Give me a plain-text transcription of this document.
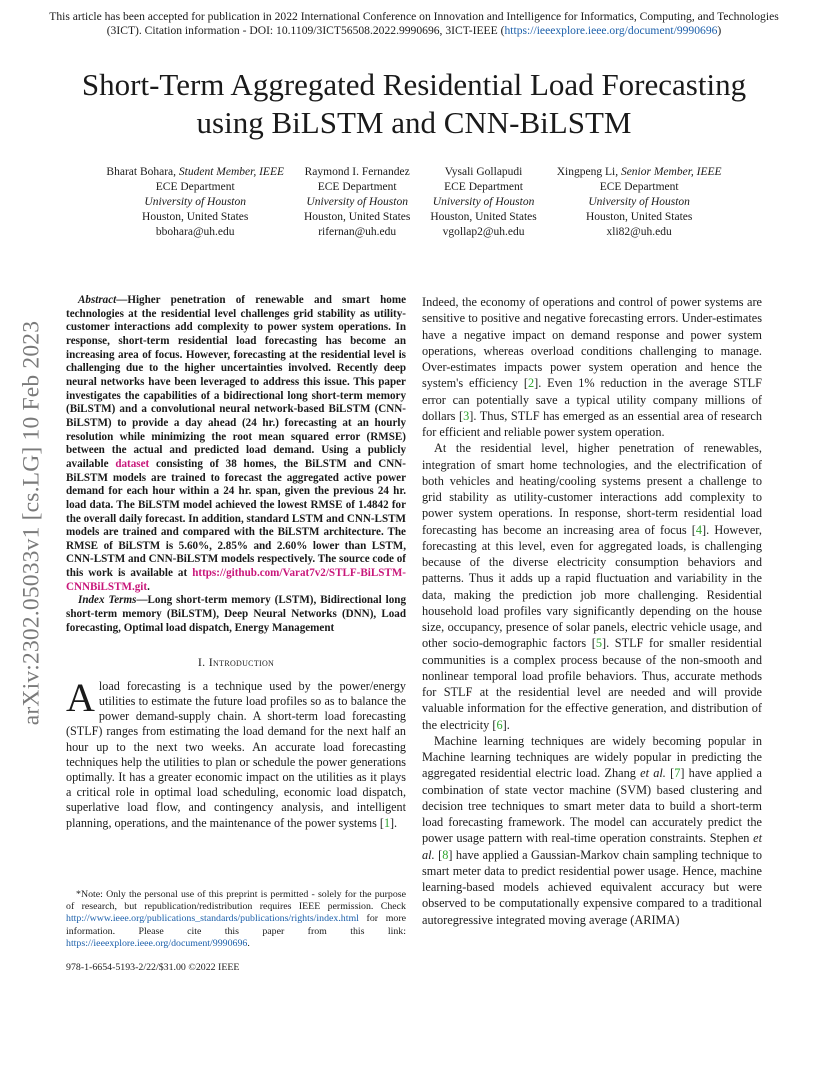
This article has been accepted for publication in 2022 International Conference on Innovation and Intelligence for Informatics, Computing, and Technologies (3ICT). Citation information - DOI: 10.1109/3ICT56508.2022.9990696, 3ICT-IEEE (https://ieeexplore.ieee.org/document/9990696)
arXiv:2302.05033v1 [cs.LG] 10 Feb 2023
Short-Term Aggregated Residential Load Forecasting using BiLSTM and CNN-BiLSTM
Bharat Bohara, Student Member, IEEE
ECE Department
University of Houston
Houston, United States
bbohara@uh.edu
Raymond I. Fernandez
ECE Department
University of Houston
Houston, United States
rifernan@uh.edu
Vysali Gollapudi
ECE Department
University of Houston
Houston, United States
vgollap2@uh.edu
Xingpeng Li, Senior Member, IEEE
ECE Department
University of Houston
Houston, United States
xli82@uh.edu

Abstract—Higher penetration of renewable and smart home technologies at the residential level challenges grid stability as utility-customer interactions add complexity to power system operations. In response, short-term residential load forecasting has become an increasing area of focus. However, forecasting at the residential level is challenging due to the higher uncertainties involved. Recently deep neural networks have been leveraged to address this issue. This paper investigates the capabilities of a bidirectional long short-term memory (BiLSTM) and a convolutional neural network-based BiLSTM (CNN-BiLSTM) to provide a day ahead (24 hr.) forecasting at an hourly resolution while minimizing the root mean squared error (RMSE) between the actual and predicted load demand. Using a publicly available dataset consisting of 38 homes, the BiLSTM and CNN-BiLSTM models are trained to forecast the aggregated active power demand for each hour within a 24 hr. span, given the previous 24 hr. load data. The BiLSTM model achieved the lowest RMSE of 1.4842 for the overall daily forecast. In addition, standard LSTM and CNN-LSTM models are trained and compared with the BiLSTM architecture. The RMSE of BiLSTM is 5.60%, 2.85% and 2.60% lower than LSTM, CNN-LSTM and CNN-BiLSTM models respectively. The source code of this work is available at https://github.com/Varat7v2/STLF-BiLSTM-CNNBiLSTM.git.

Index Terms—Long short-term memory (LSTM), Bidirectional long short-term memory (BiLSTM), Deep Neural Networks (DNN), Load forecasting, Optimal load dispatch, Energy Management

I. Introduction

A load forecasting is a technique used by the power/energy utilities to estimate the future load profiles so as to balance the power demand-supply chain. A short-term load forecasting (STLF) ranges from estimating the load demand for the next half an hour up to the next two weeks. An accurate load forecasting techniques help the utilities to plan or schedule the power generations optimally. It has a greater economic impact on the utilities as it plays a critical role in optimal load scheduling, economic load dispatch, superlative load flow, and contingency analysis, and intelligent planning, operations, and the maintenance of the power systems [1].

*Note: Only the personal use of this preprint is permitted - solely for the purpose of research, but republication/redistribution requires IEEE permission. Check http://www.ieee.org/publications_standards/publications/rights/index.html for more information. Please cite this paper from this link: https://ieeexplore.ieee.org/document/9990696.

978-1-6654-5193-2/22/$31.00 ©2022 IEEE

Indeed, the economy of operations and control of power systems are sensitive to positive and negative forecasting errors. Under-estimates have a negative impact on demand response and power system operations, whereas overload conditions challenging to manage. Over-estimates impacts power system operation and hence the system's efficiency [2]. Even 1% reduction in the average STLF error can potentially save a typical utility company millions of dollars [3]. Thus, STLF has emerged as an essential area of research for efficient and reliable power system operation.

At the residential level, higher penetration of renewables, integration of smart home technologies, and the electrification of both vehicles and heating/cooling systems present a challenge to grid stability as utility-customer interactions add complexity to power system operations. In response, short-term residential load forecasting has become an increasing area of focus [4]. However, forecasting at this level, even for aggregated loads, is challenging because of the diverse electricity consumption behaviors and patterns. Thus it adds up a rapid fluctuation and variability in the data, making the prediction job more challenging. Residential household load profiles vary significantly depending on the house size, occupancy, presence of solar panels, electric vehicle usage, and other socio-demographic factors [5]. STLF for smaller residential communities is a complex process because of the non-smooth and nonlinear temporal load profile behaviors. Thus, accurate methods for STLF at the residential level are needed and will provide valuable information for the effective generation, and distribution of the electricity [6].

Machine learning techniques are widely becoming popular in Machine learning techniques are widely popular in predicting the aggregated residential electric load. Zhang et al. [7] have applied a combination of state vector machine (SVM) based clustering and decision tree techniques to smart meter data to build a short-term load forecasting framework. The model can accurately predict the power usage pattern with real-time operation constraints. Stephen et al. [8] have applied a Gaussian-Markov chain sampling technique to smart meter data to predict residential power usage. Hence, machine learning-based models achieved equivalent accuracy but were observed to be computationally expensive compared to a traditional autoregressive integrated moving average (ARIMA)
